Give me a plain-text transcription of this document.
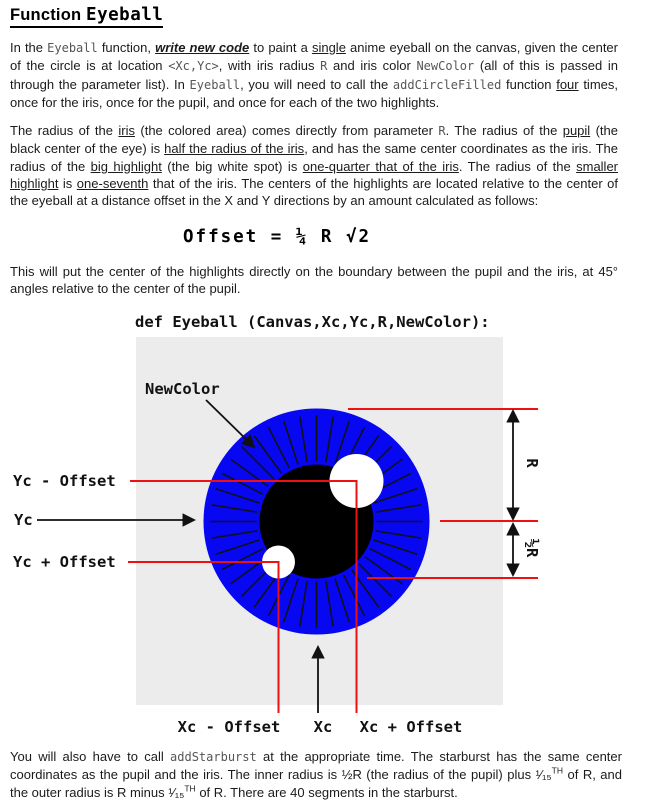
Function Eyeball

In the Eyeball function, write new code to paint a single anime eyeball on the canvas, given the center of the circle is at location <Xc,Yc>, with iris radius R and iris color NewColor (all of this is passed in through the parameter list). In Eyeball, you will need to call the addCircleFilled function four times, once for the iris, once for the pupil, and once for each of the two highlights.

The radius of the iris (the colored area) comes directly from parameter R. The radius of the pupil (the black center of the eye) is half the radius of the iris, and has the same center coordinates as the iris. The radius of the big highlight (the big white spot) is one-quarter that of the iris. The radius of the smaller highlight is one-seventh that of the iris. The centers of the highlights are located relative to the center of the eyeball at a distance offset in the X and Y directions by an amount calculated as follows:

Offset = ¼ R √2

This will put the center of the highlights directly on the boundary between the pupil and the iris, at 45° angles relative to the center of the pupil.

def Eyeball (Canvas,Xc,Yc,R,NewColor):

You will also have to call addStarburst at the appropriate time. The starburst has the same center coordinates as the pupil and the iris. The inner radius is ½R (the radius of the pupil) plus ¹⁄₁₅$^{TH}$ of R, and the outer radius is R minus ¹⁄₁₅$^{TH}$ of R. There are 40 segments in the starburst.

NewColor
Yc - Offset
Yc
Yc + Offset
Xc - Offset Xc Xc + Offset
R
½R
